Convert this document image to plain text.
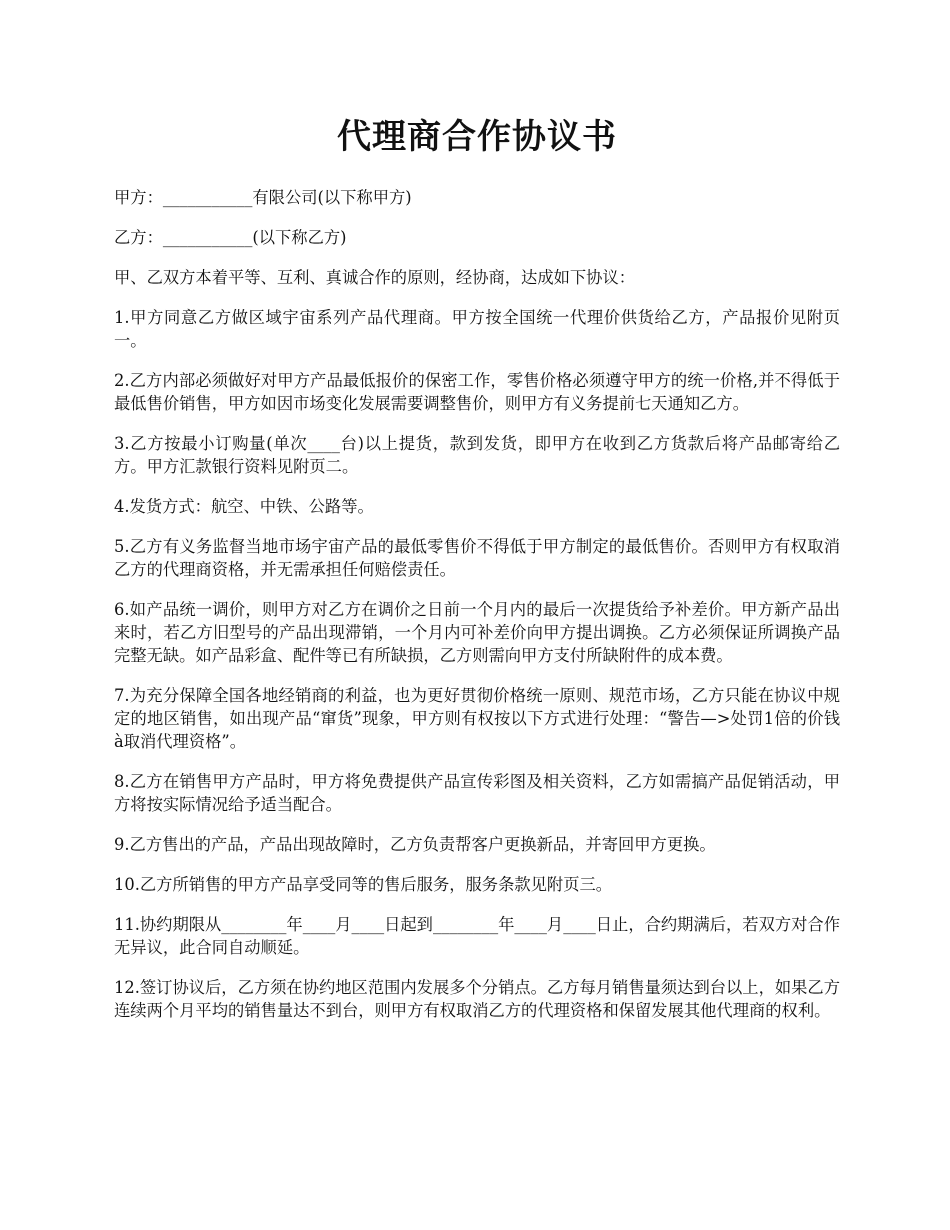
代理商合作协议书

甲方：___________有限公司(以下称甲方)

乙方：___________(以下称乙方)

甲、乙双方本着平等、互利、真诚合作的原则，经协商，达成如下协议：

1.甲方同意乙方做区域宇宙系列产品代理商。甲方按全国统一代理价供货给乙方，产品报价见附页一。

2.乙方内部必须做好对甲方产品最低报价的保密工作，零售价格必须遵守甲方的统一价格,并不得低于最低售价销售，甲方如因市场变化发展需要调整售价，则甲方有义务提前七天通知乙方。

3.乙方按最小订购量(单次____台)以上提货，款到发货，即甲方在收到乙方货款后将产品邮寄给乙方。甲方汇款银行资料见附页二。

4.发货方式：航空、中铁、公路等。

5.乙方有义务监督当地市场宇宙产品的最低零售价不得低于甲方制定的最低售价。否则甲方有权取消乙方的代理商资格，并无需承担任何赔偿责任。

6.如产品统一调价，则甲方对乙方在调价之日前一个月内的最后一次提货给予补差价。甲方新产品出来时，若乙方旧型号的产品出现滞销，一个月内可补差价向甲方提出调换。乙方必须保证所调换产品完整无缺。如产品彩盒、配件等已有所缺损，乙方则需向甲方支付所缺附件的成本费。

7.为充分保障全国各地经销商的利益，也为更好贯彻价格统一原则、规范市场，乙方只能在协议中规定的地区销售，如出现产品“窜货”现象，甲方则有权按以下方式进行处理：“警告—>处罚1倍的价钱à取消代理资格”。

8.乙方在销售甲方产品时，甲方将免费提供产品宣传彩图及相关资料，乙方如需搞产品促销活动，甲方将按实际情况给予适当配合。

9.乙方售出的产品，产品出现故障时，乙方负责帮客户更换新品，并寄回甲方更换。

10.乙方所销售的甲方产品享受同等的售后服务，服务条款见附页三。

11.协约期限从________年____月____日起到________年____月____日止，合约期满后，若双方对合作无异议，此合同自动顺延。

12.签订协议后，乙方须在协约地区范围内发展多个分销点。乙方每月销售量须达到台以上，如果乙方连续两个月平均的销售量达不到台，则甲方有权取消乙方的代理资格和保留发展其他代理商的权利。
